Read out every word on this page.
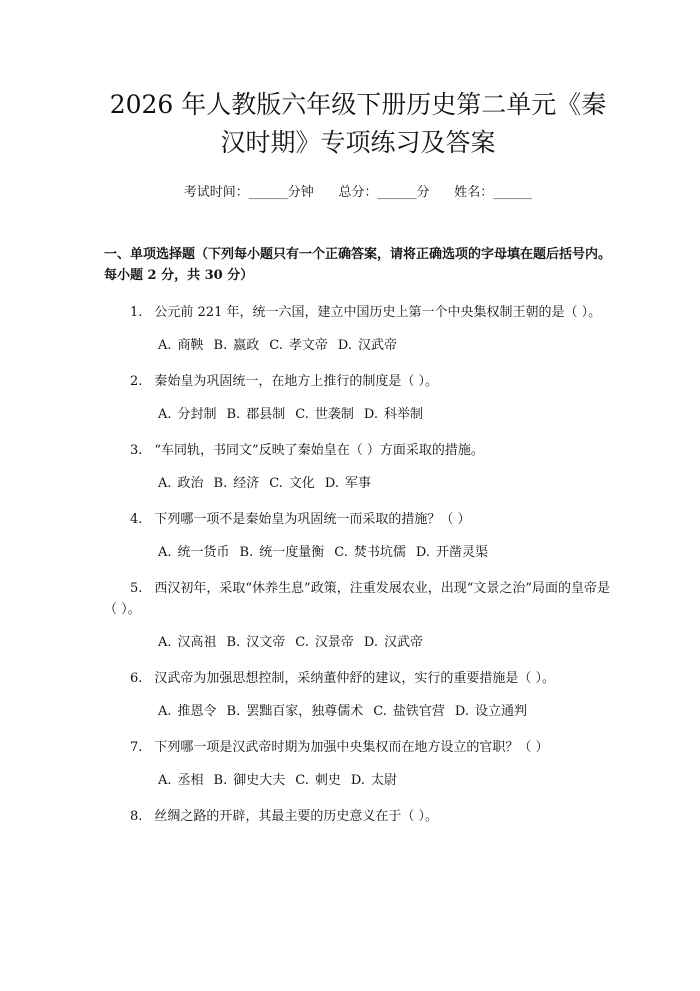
2026 年人教版六年级下册历史第二单元《秦汉时期》专项练习及答案
考试时间：______分钟      总分：______分      姓名：______
一、单项选择题（下列每小题只有一个正确答案，请将正确选项的字母填在题后括号内。每小题 2 分，共 30 分）
1. 公元前 221 年，统一六国，建立中国历史上第一个中央集权制王朝的是（ ）。
A. 商鞅 B. 嬴政 C. 孝文帝 D. 汉武帝
2. 秦始皇为巩固统一，在地方上推行的制度是（ ）。
A. 分封制 B. 郡县制 C. 世袭制 D. 科举制
3. “车同轨，书同文”反映了秦始皇在（ ）方面采取的措施。
A. 政治 B. 经济 C. 文化 D. 军事
4. 下列哪一项不是秦始皇为巩固统一而采取的措施？（ ）
A. 统一货币 B. 统一度量衡 C. 焚书坑儒 D. 开凿灵渠
5. 西汉初年，采取“休养生息”政策，注重发展农业，出现“文景之治”局面的皇帝是（ ）。
A. 汉高祖 B. 汉文帝 C. 汉景帝 D. 汉武帝
6. 汉武帝为加强思想控制，采纳董仲舒的建议，实行的重要措施是（ ）。
A. 推恩令 B. 罢黜百家，独尊儒术 C. 盐铁官营 D. 设立通判
7. 下列哪一项是汉武帝时期为加强中央集权而在地方设立的官职？（ ）
A. 丞相 B. 御史大夫 C. 刺史 D. 太尉
8. 丝绸之路的开辟，其最主要的历史意义在于（ ）。
